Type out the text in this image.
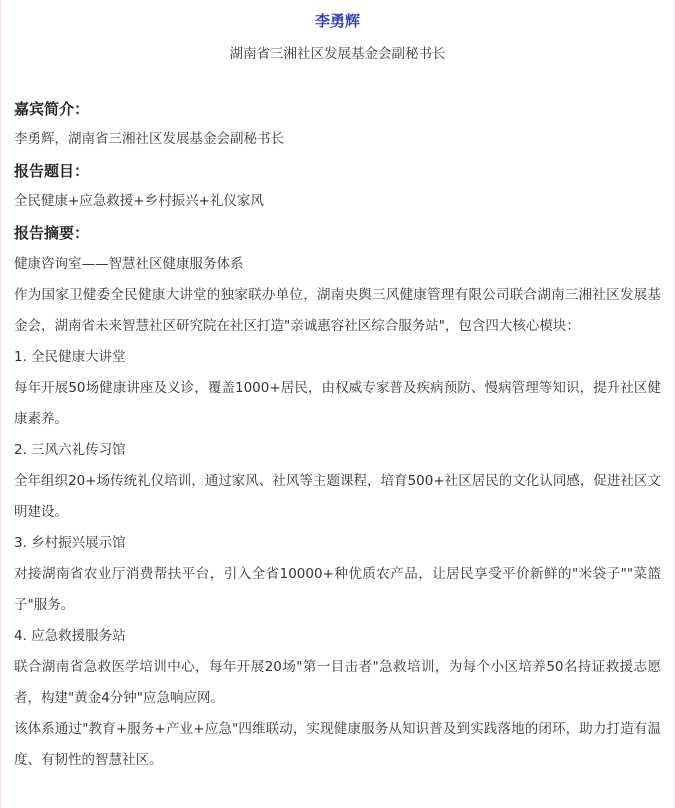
李勇辉
湖南省三湘社区发展基金会副秘书长
嘉宾简介：
李勇辉，湖南省三湘社区发展基金会副秘书长
报告题目：
全民健康+应急救援+乡村振兴+礼仪家风
报告摘要：

健康咨询室——智慧社区健康服务体系

作为国家卫健委全民健康大讲堂的独家联办单位，湖南央舆三风健康管理有限公司联合湖南三湘社区发展基金会，湖南省未来智慧社区研究院在社区打造"亲诚惠容社区综合服务站"，包含四大核心模块：

1. 全民健康大讲堂

每年开展50场健康讲座及义诊，覆盖1000+居民，由权威专家普及疾病预防、慢病管理等知识，提升社区健康素养。

2. 三风六礼传习馆

全年组织20+场传统礼仪培训，通过家风、社风等主题课程，培育500+社区居民的文化认同感，促进社区文明建设。

3. 乡村振兴展示馆

对接湖南省农业厅消费帮扶平台，引入全省10000+种优质农产品，让居民享受平价新鲜的"米袋子""菜篮子"服务。

4. 应急救援服务站

联合湖南省急救医学培训中心，每年开展20场"第一目击者"急救培训，为每个小区培养50名持证救援志愿者，构建"黄金4分钟"应急响应网。

该体系通过"教育+服务+产业+应急"四维联动，实现健康服务从知识普及到实践落地的闭环，助力打造有温度、有韧性的智慧社区。
